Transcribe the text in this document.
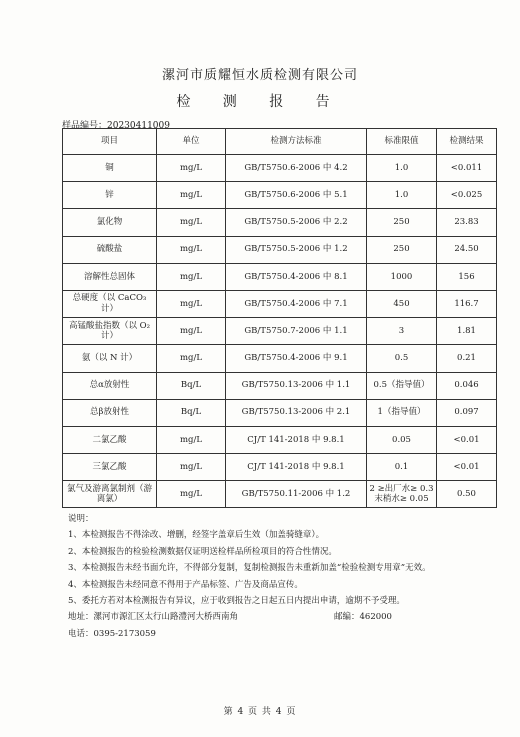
漯河市质耀恒水质检测有限公司
检 测 报 告
样品编号：20230411009
项目	单位	检测方法标准	标准限值	检测结果
铜	mg/L	GB/T5750.6-2006 中 4.2	1.0	<0.011
锌	mg/L	GB/T5750.6-2006 中 5.1	1.0	<0.025
氯化物	mg/L	GB/T5750.5-2006 中 2.2	250	23.83
硫酸盐	mg/L	GB/T5750.5-2006 中 1.2	250	24.50
溶解性总固体	mg/L	GB/T5750.4-2006 中 8.1	1000	156
总硬度（以 CaCO₃ 计）	mg/L	GB/T5750.4-2006 中 7.1	450	116.7
高锰酸盐指数（以 O₂ 计）	mg/L	GB/T5750.7-2006 中 1.1	3	1.81
氨（以 N 计）	mg/L	GB/T5750.4-2006 中 9.1	0.5	0.21
总α放射性	Bq/L	GB/T5750.13-2006 中 1.1	0.5（指导值）	0.046
总β放射性	Bq/L	GB/T5750.13-2006 中 2.1	1（指导值）	0.097
二氯乙酸	mg/L	CJ/T 141-2018 中 9.8.1	0.05	<0.01
三氯乙酸	mg/L	CJ/T 141-2018 中 9.8.1	0.1	<0.01
氯气及游离氯制剂（游离氯）	mg/L	GB/T5750.11-2006 中 1.2	2 ≥出厂水≥ 0.3 末梢水≥ 0.05	0.50
说明：
1、本检测报告不得涂改、增删，经签字盖章后生效（加盖骑缝章）。
2、本检测报告的检验检测数据仅证明送检样品所检项目的符合性情况。
3、本检测报告未经书面允许，不得部分复制，复制检测报告未重新加盖“检验检测专用章”无效。
4、本检测报告未经同意不得用于产品标签、广告及商品宣传。
5、委托方若对本检测报告有异议，应于收到报告之日起五日内提出申请，逾期不予受理。
地址：漯河市源汇区太行山路澧河大桥西南角	邮编：462000
电话：0395-2173059
第 4 页 共 4 页
